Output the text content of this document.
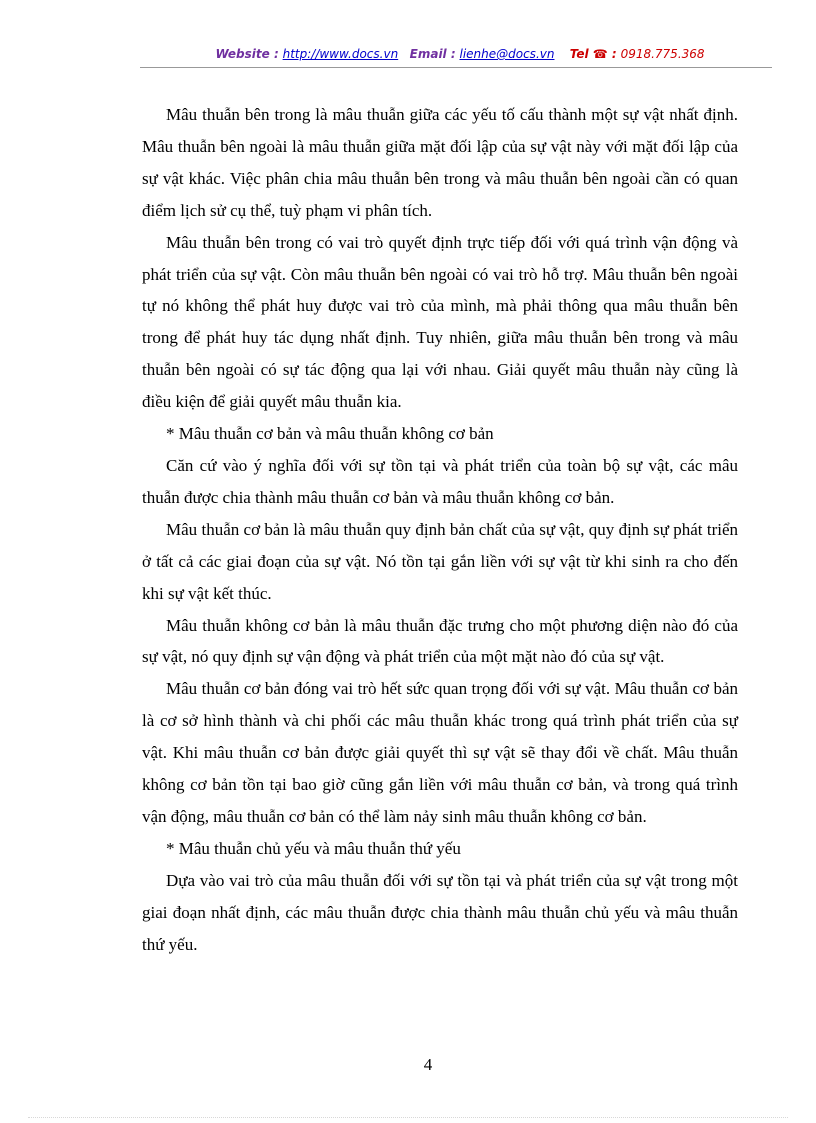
Website : http://www.docs.vn Email : lienhe@docs.vn Tel ☎ : 0918.775.368

Mâu thuẫn bên trong là mâu thuẫn giữa các yếu tố cấu thành một sự vật nhất định. Mâu thuẫn bên ngoài là mâu thuẫn giữa mặt đối lập của sự vật này với mặt đối lập của sự vật khác. Việc phân chia mâu thuẫn bên trong và mâu thuẫn bên ngoài cần có quan điểm lịch sử cụ thể, tuỳ phạm vi phân tích.

Mâu thuẫn bên trong có vai trò quyết định trực tiếp đối với quá trình vận động và phát triển của sự vật. Còn mâu thuẫn bên ngoài có vai trò hỗ trợ. Mâu thuẫn bên ngoài tự nó không thể phát huy được vai trò của mình, mà phải thông qua mâu thuẫn bên trong để phát huy tác dụng nhất định. Tuy nhiên, giữa mâu thuẫn bên trong và mâu thuẫn bên ngoài có sự tác động qua lại với nhau. Giải quyết mâu thuẫn này cũng là điều kiện để giải quyết mâu thuẫn kia.

* Mâu thuẫn cơ bản và mâu thuẫn không cơ bản

Căn cứ vào ý nghĩa đối với sự tồn tại và phát triển của toàn bộ sự vật, các mâu thuẫn được chia thành mâu thuẫn cơ bản và mâu thuẫn không cơ bản.

Mâu thuẫn cơ bản là mâu thuẫn quy định bản chất của sự vật, quy định sự phát triển ở tất cả các giai đoạn của sự vật. Nó tồn tại gắn liền với sự vật từ khi sinh ra cho đến khi sự vật kết thúc.

Mâu thuẫn không cơ bản là mâu thuẫn đặc trưng cho một phương diện nào đó của sự vật, nó quy định sự vận động và phát triển của một mặt nào đó của sự vật.

Mâu thuẫn cơ bản đóng vai trò hết sức quan trọng đối với sự vật. Mâu thuẫn cơ bản là cơ sở hình thành và chi phối các mâu thuẫn khác trong quá trình phát triển của sự vật. Khi mâu thuẫn cơ bản được giải quyết thì sự vật sẽ thay đổi về chất. Mâu thuẫn không cơ bản tồn tại bao giờ cũng gắn liền với mâu thuẫn cơ bản, và trong quá trình vận động, mâu thuẫn cơ bản có thể làm nảy sinh mâu thuẫn không cơ bản.

* Mâu thuẫn chủ yếu và mâu thuẫn thứ yếu

Dựa vào vai trò của mâu thuẫn đối với sự tồn tại và phát triển của sự vật trong một giai đoạn nhất định, các mâu thuẫn được chia thành mâu thuẫn chủ yếu và mâu thuẫn thứ yếu.

4
